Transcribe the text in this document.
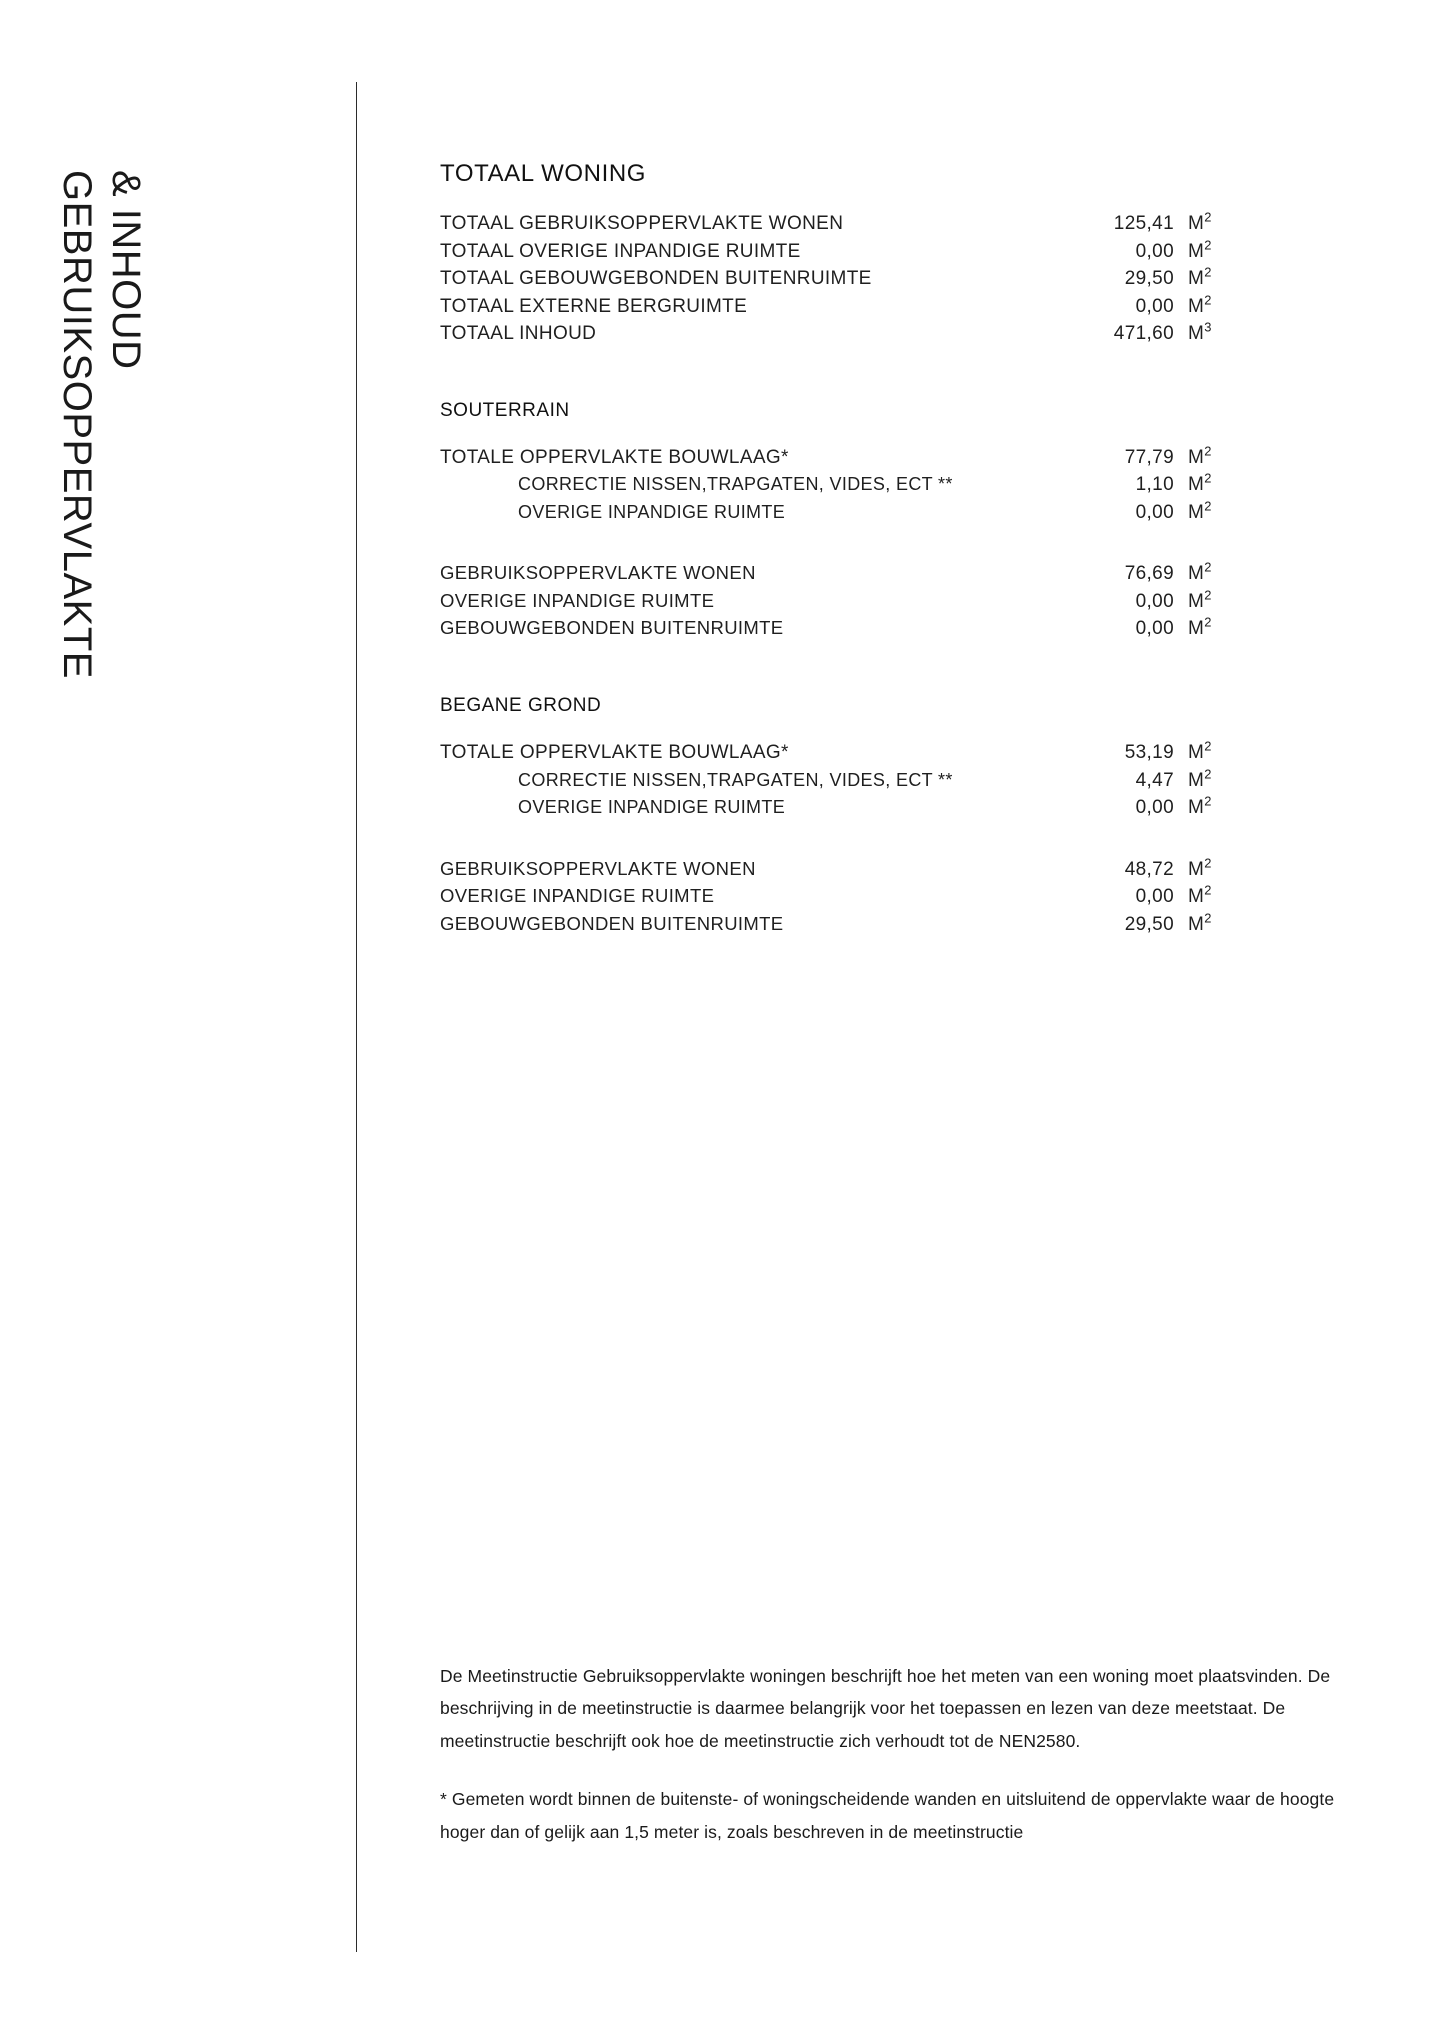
GEBRUIKSOPPERVLAKTE & INHOUD	TOTAAL WONING
TOTAAL GEBRUIKSOPPERVLAKTE WONEN	125,41 $M^2$
TOTAAL OVERIGE INPANDIGE RUIMTE	0,00 $M^2$
TOTAAL GEBOUWGEBONDEN BUITENRUIMTE	29,50 $M^2$
TOTAAL EXTERNE BERGRUIMTE	0,00 $M^2$
TOTAAL INHOUD	471,60 $M^3$
SOUTERRAIN
TOTALE OPPERVLAKTE BOUWLAAG*	77,79 $M^2$
CORRECTIE NISSEN,TRAPGATEN, VIDES, ECT **	1,10 $M^2$
OVERIGE INPANDIGE RUIMTE	0,00 $M^2$
GEBRUIKSOPPERVLAKTE WONEN	76,69 $M^2$
OVERIGE INPANDIGE RUIMTE	0,00 $M^2$
GEBOUWGEBONDEN BUITENRUIMTE	0,00 $M^2$
BEGANE GROND
TOTALE OPPERVLAKTE BOUWLAAG*	53,19 $M^2$
CORRECTIE NISSEN,TRAPGATEN, VIDES, ECT **	4,47 $M^2$
OVERIGE INPANDIGE RUIMTE	0,00 $M^2$
GEBRUIKSOPPERVLAKTE WONEN	48,72 $M^2$
OVERIGE INPANDIGE RUIMTE	0,00 $M^2$
GEBOUWGEBONDEN BUITENRUIMTE	29,50 $M^2$

De Meetinstructie Gebruiksoppervlakte woningen beschrijft hoe het meten van een woning moet plaatsvinden. De beschrijving in de meetinstructie is daarmee belangrijk voor het toepassen en lezen van deze meetstaat. De meetinstructie beschrijft ook hoe de meetinstructie zich verhoudt tot de NEN2580.

* Gemeten wordt binnen de buitenste- of woningscheidende wanden en uitsluitend de oppervlakte waar de hoogte hoger dan of gelijk aan 1,5 meter is, zoals beschreven in de meetinstructie
